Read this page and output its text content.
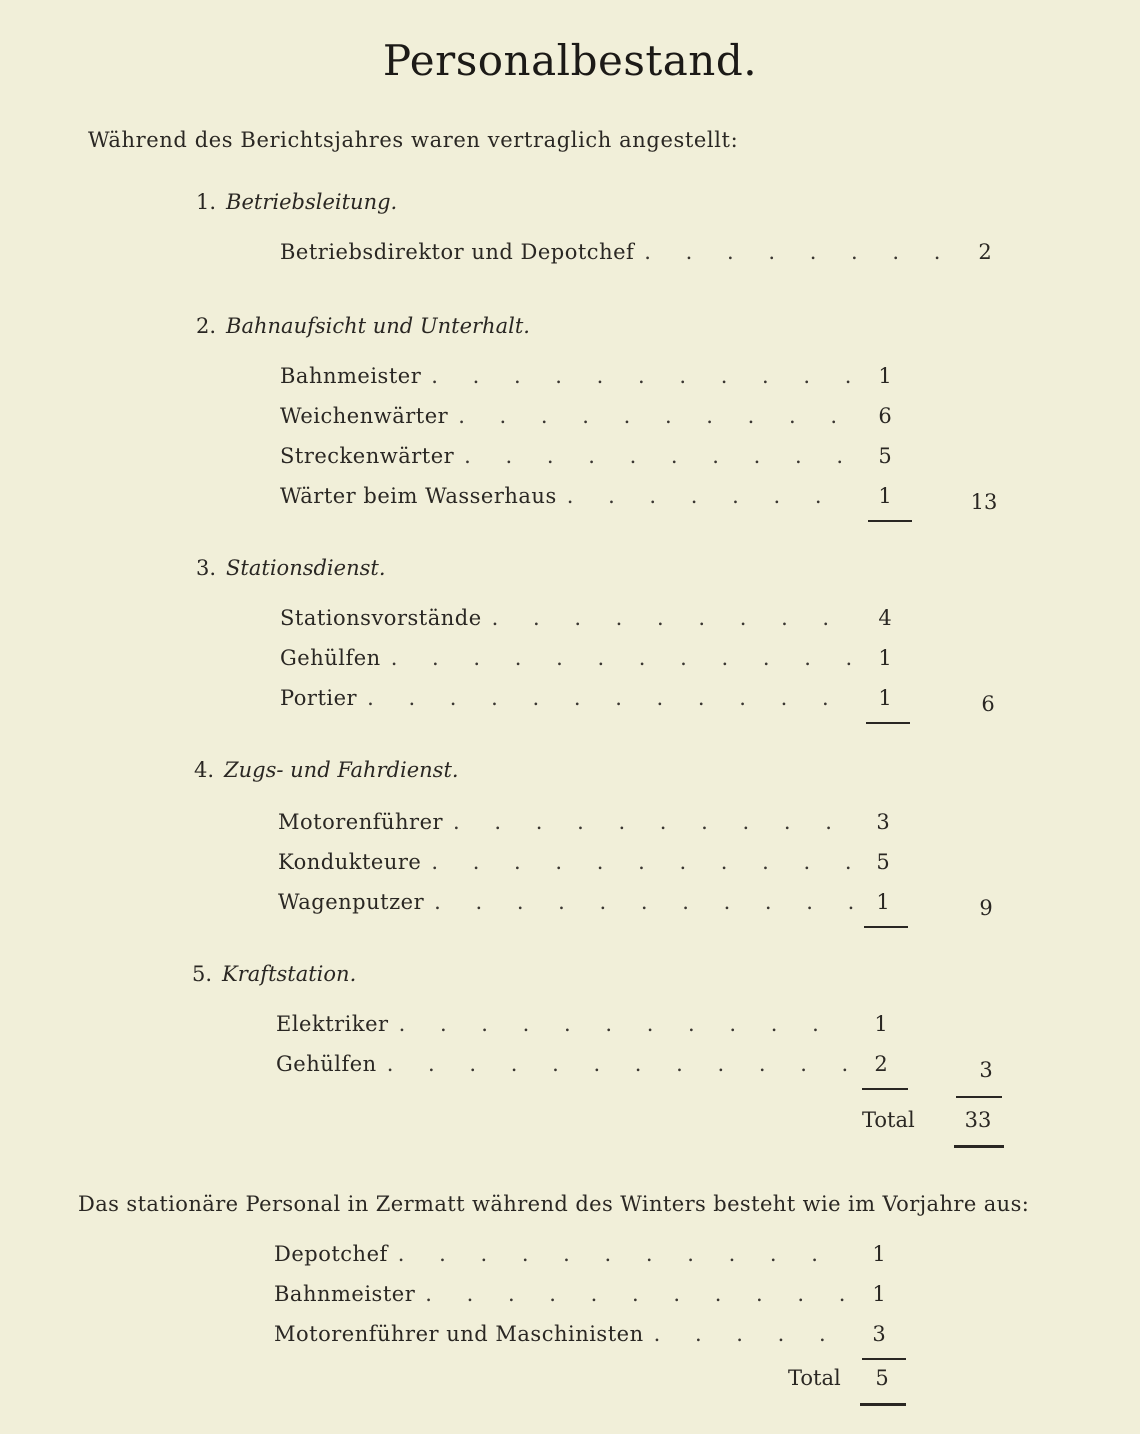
Personalbestand.
Während des Berichtsjahres waren vertraglich angestellt:
1. Betriebsleitung.
Betriebsdirektor und Depotchef . . .	2
2. Bahnaufsicht und Unterhalt.
Bahnmeister . . .	1
Weichenwärter . . .	6
Streckenwärter . . .	5
Wärter beim Wasserhaus . . .	1	13
3. Stationsdienst.
Stationsvorstände . . .	4
Gehülfen . . .	1
Portier . . .	1	6
4. Zugs- und Fahrdienst.
Motorenführer . . .	3
Kondukteure . . .	5
Wagenputzer . . .	1	9
5. Kraftstation.
Elektriker . . .	1
Gehülfen . . .	2	3
Total	33
Das stationäre Personal in Zermatt während des Winters besteht wie im Vorjahre aus:
Depotchef . . .	1
Bahnmeister . . .	1
Motorenführer und Maschinisten . . .	3
Total	5
